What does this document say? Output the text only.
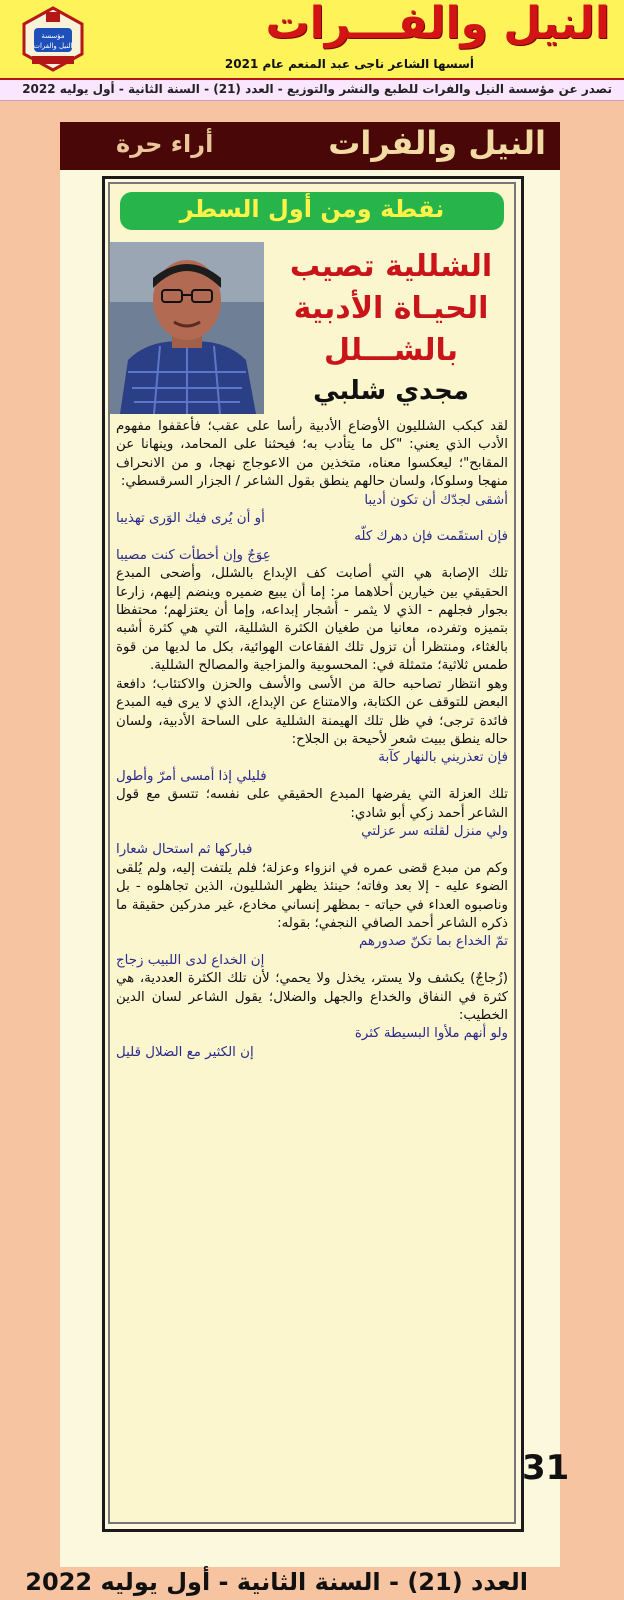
مؤسسة
النيل والفرات	النيل والفـــرات
أسسها الشاعر ناجى عبد المنعم عام 2021
تصدر عن مؤسسة النيل والفرات للطبع والنشر والتوزيع - العدد (21) - السنة الثانية - أول يوليه 2022
النيل والفرات
أراء حرة
نقطة ومن أول السطر
الشللية تصيب
الحيـاة الأدبية
بالشـــلل
مجدي شلبي

لقد كبكب الشلليون الأوضاع الأدبية رأسا على عقب؛ فأعقفوا مفهوم الأدب الذي يعني: "كل ما يتأدب به؛ فيحثنا على المحامد، وينهانا عن المقابح"؛ ليعكسوا معناه، متخذين من الاعوجاج نهجا، و من الانحراف منهجا وسلوكا، ولسان حالهم ينطق بقول الشاعر / الجزار السرقسطي:

أشقى لجدّك أن تكون أديبا
أو أن يُرى فيك الوَرى تهذيبا
فإن استقَمت فإن دهرك كلّه
عِوَجٌ وإن أخطأت كنت مصيبا

تلك الإصابة هي التي أصابت كف الإبداع بالشلل، وأضحى المبدع الحقيقي بين خيارين أحلاهما مر: إما أن يبيع ضميره وينضم إليهم، زارعا بجوار فجلهم - الذي لا يثمر - أشجار إبداعه، وإما أن يعتزلهم؛ محتفظا بتميزه وتفرده، معانيا من طغيان الكثرة الشللية، التي هي كثرة أشبه بالغثاء، ومنتظرا أن تزول تلك الفقاعات الهوائية، بكل ما لديها من قوة طمس ثلاثية؛ متمثلة في: المحسوبية والمزاجية والمصالح الشللية.

وهو انتظار تصاحبه حالة من الأسى والأسف والحزن والاكتئاب؛ دافعة البعض للتوقف عن الكتابة، والامتناع عن الإبداع، الذي لا يرى فيه المبدع فائدة ترجى؛ في ظل تلك الهيمنة الشللية على الساحة الأدبية، ولسان حاله ينطق ببيت شعر لأحيحة بن الجلاح:

فإن تعذريني بالنهار كآبة
فليلي إذا أمسى أمرّ وأطول

تلك العزلة التي يفرضها المبدع الحقيقي على نفسه؛ تتسق مع قول الشاعر أحمد زكي أبو شادي:

ولي منزل لقلته سر عزلتي
فباركها ثم استحال شعارا

وكم من مبدع قضى عمره في انزواء وعزلة؛ فلم يلتفت إليه، ولم يُلقى الضوء عليه - إلا بعد وفاته؛ حينئذ يظهر الشلليون، الذين تجاهلوه - بل وناصبوه العداء في حياته - بمظهر إنساني مخادع، غير مدركين حقيقة ما ذكره الشاعر أحمد الصافي النجفي؛ بقوله:

تمّ الخداع بما تكنّ صدورهم
إن الخداع لدى اللبيب زجاج

(زُجاجٌ) يكشف ولا يستر، يخذل ولا يحمي؛ لأن تلك الكثرة العددية، هي كثرة في النفاق والخداع والجهل والضلال؛ يقول الشاعر لسان الدين الخطيب:

ولو أنهم ملأوا البسيطة كثرة
إن الكثير مع الضلال قليل
31
العدد (21) - السنة الثانية - أول يوليه 2022
